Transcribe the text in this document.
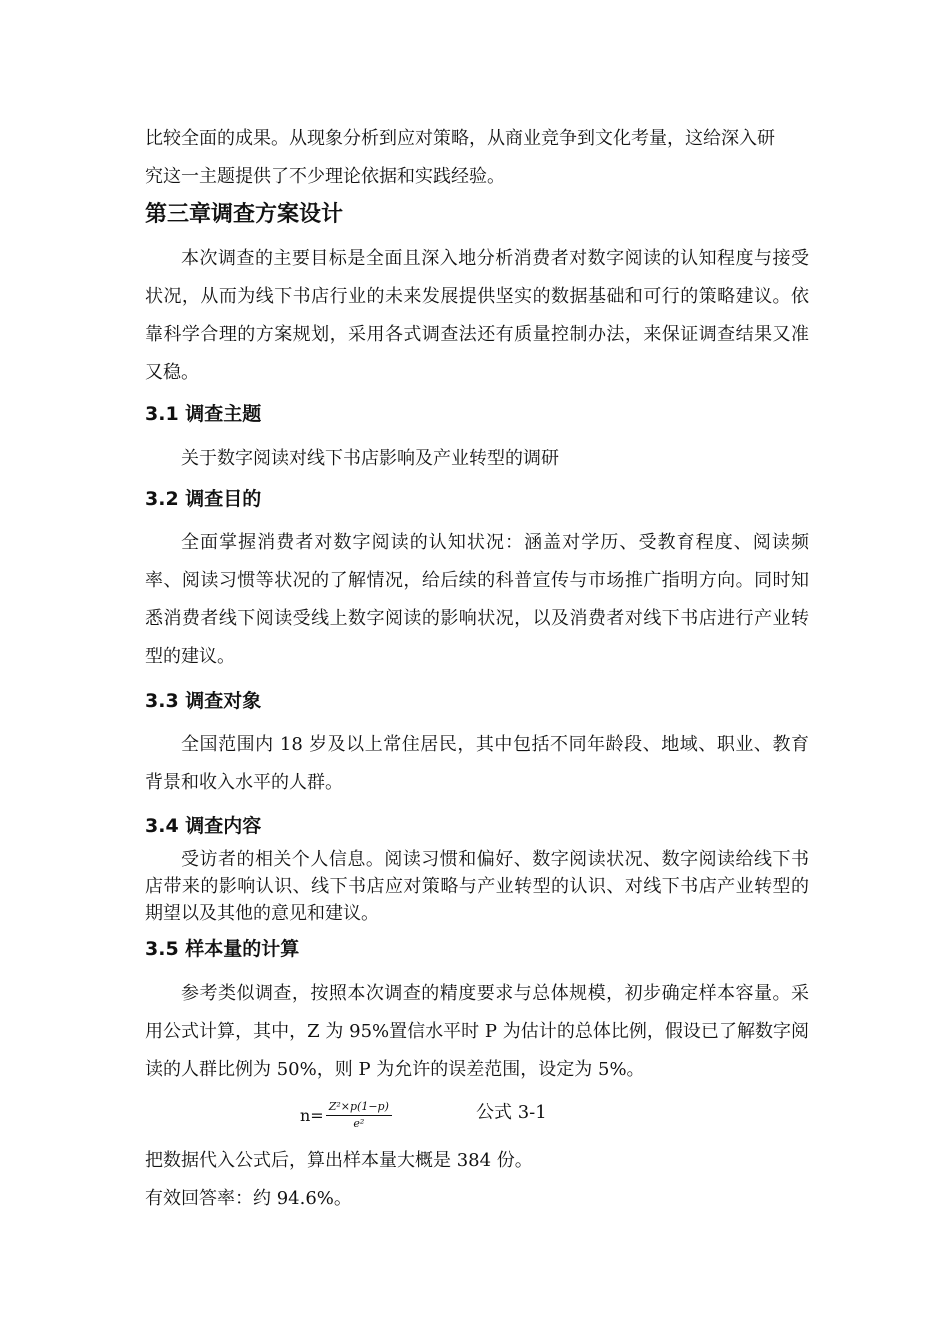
比较全面的成果。从现象分析到应对策略，从商业竞争到文化考量，这给深入研

究这一主题提供了不少理论依据和实践经验。

第三章调查方案设计

本次调查的主要目标是全面且深入地分析消费者对数字阅读的认知程度与接受状况，从而为线下书店行业的未来发展提供坚实的数据基础和可行的策略建议。依靠科学合理的方案规划，采用各式调查法还有质量控制办法，来保证调查结果又准又稳。

3.1 调查主题

关于数字阅读对线下书店影响及产业转型的调研

3.2 调查目的

全面掌握消费者对数字阅读的认知状况：涵盖对学历、受教育程度、阅读频率、阅读习惯等状况的了解情况，给后续的科普宣传与市场推广指明方向。同时知悉消费者线下阅读受线上数字阅读的影响状况，以及消费者对线下书店进行产业转型的建议。

3.3 调查对象

全国范围内 18 岁及以上常住居民，其中包括不同年龄段、地域、职业、教育背景和收入水平的人群。

3.4 调查内容

受访者的相关个人信息。阅读习惯和偏好、数字阅读状况、数字阅读给线下书店带来的影响认识、线下书店应对策略与产业转型的认识、对线下书店产业转型的期望以及其他的意见和建议。

3.5 样本量的计算

参考类似调查，按照本次调查的精度要求与总体规模，初步确定样本容量。采用公式计算，其中，Z 为 95%置信水平时 P 为估计的总体比例，假设已了解数字阅读的人群比例为 50%，则 P 为允许的误差范围，设定为 5%。

$n= \frac{\text{Z²×p(1−p)}}{\text{e²}}$	公式 3-1

把数据代入公式后，算出样本量大概是 384 份。

有效回答率：约 94.6%。
